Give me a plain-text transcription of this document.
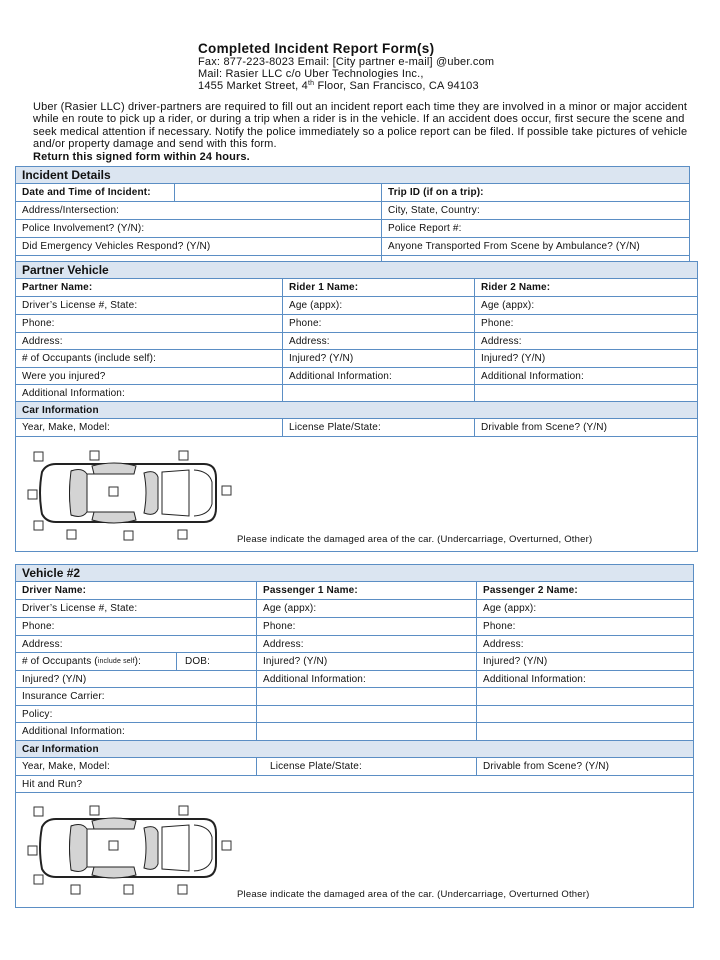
Completed Incident Report Form(s)
Fax: 877-223-8023 Email: [City partner e-mail] @uber.com
Mail: Rasier LLC c/o Uber Technologies Inc.,
1455 Market Street, 4th Floor, San Francisco, CA 94103
Uber (Rasier LLC) driver-partners are required to fill out an incident report each time they are involved in a minor or major accident while en route to pick up a rider, or during a trip when a rider is in the vehicle. If an accident does occur, first secure the scene and seek medical attention if necessary. Notify the police immediately so a police report can be filed. If possible take pictures of vehicle and/or property damage and send with this form.
Return this signed form within 24 hours.
Incident Details
Date and Time of Incident:	Trip ID (if on a trip):
Address/Intersection:	City, State, Country:
Police Involvement? (Y/N):	Police Report #:
Did Emergency Vehicles Respond? (Y/N)	Anyone Transported From Scene by Ambulance? (Y/N)
Partner Vehicle
Partner Name:	Rider 1 Name:	Rider 2 Name:
Driver’s License #, State:	Age (appx):	Age (appx):
Phone:	Phone:	Phone:
Address:	Address:	Address:
# of Occupants (include self):	Injured? (Y/N)	Injured? (Y/N)
Were you injured?	Additional Information:	Additional Information:
Additional Information:
Car Information
Year, Make, Model:	License Plate/State:	Drivable from Scene? (Y/N)
Please indicate the damaged area of the car. (Undercarriage, Overturned, Other)
Vehicle #2
Driver Name:	Passenger 1 Name:	Passenger 2 Name:
Driver’s License #, State:	Age (appx):	Age (appx):
Phone:	Phone:	Phone:
Address:	Address:	Address:
# of Occupants ( include self ):	DOB:	Injured? (Y/N)	Injured? (Y/N)
Injured? (Y/N)	Additional Information:	Additional Information:
Insurance Carrier:
Policy:
Additional Information:
Car Information
Year, Make, Model:	License Plate/State:	Drivable from Scene? (Y/N)
Hit and Run?
Please indicate the damaged area of the car. (Undercarriage, Overturned Other)
